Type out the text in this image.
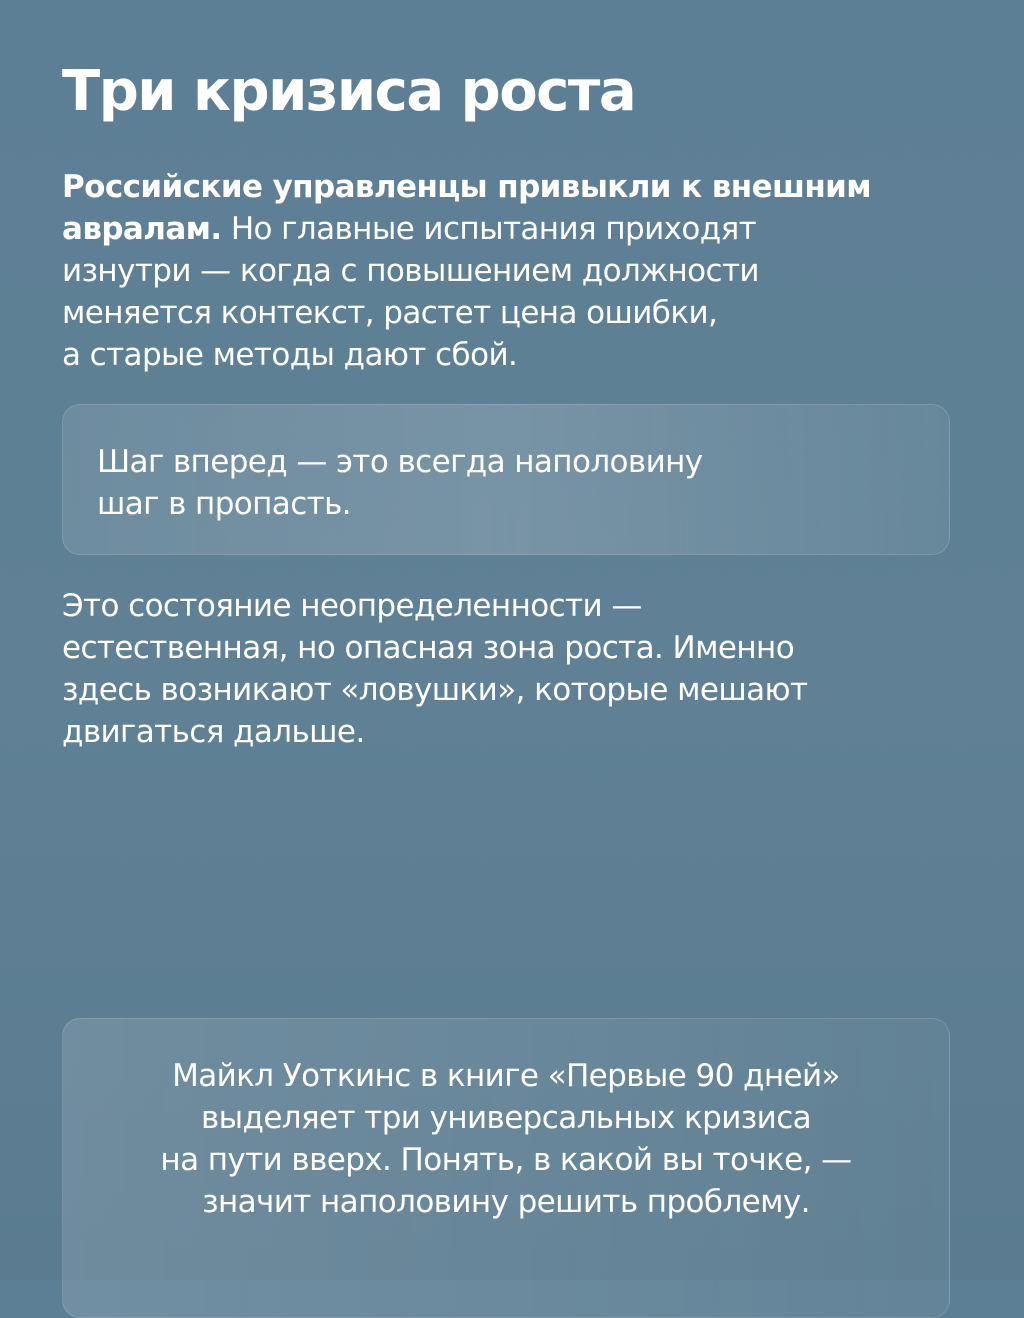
Три кризиса роста

Российские управленцы привыкли к внешним
авралам. Но главные испытания приходят
изнутри — когда с повышением должности
меняется контекст, растет цена ошибки,
а старые методы дают сбой.

Шаг вперед — это всегда наполовину
шаг в пропасть.

Это состояние неопределенности —
естественная, но опасная зона роста. Именно
здесь возникают «ловушки», которые мешают
двигаться дальше.

Майкл Уоткинс в книге «Первые 90 дней»
выделяет три универсальных кризиса
на пути вверх. Понять, в какой вы точке, —
значит наполовину решить проблему.
